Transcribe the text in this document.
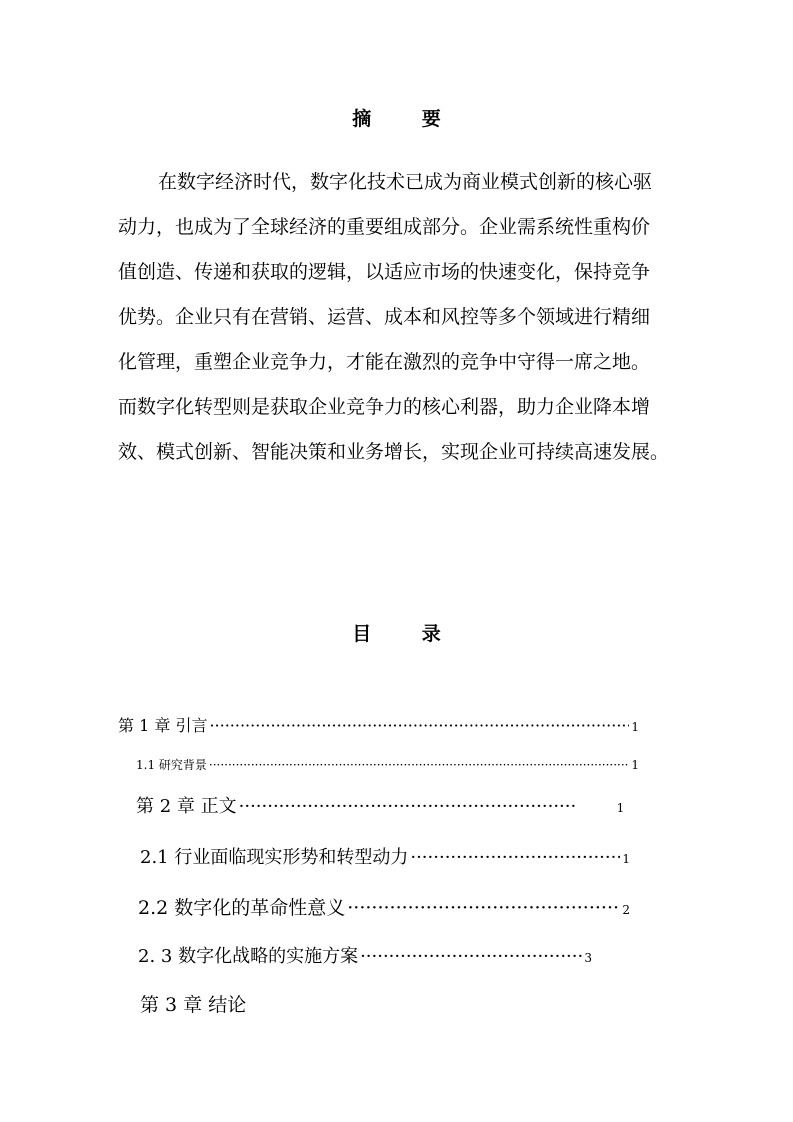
摘 要
在数字经济时代，数字化技术已成为商业模式创新的核心驱
动力，也成为了全球经济的重要组成部分。企业需系统性重构价
值创造、传递和获取的逻辑，以适应市场的快速变化，保持竞争
优势。企业只有在营销、运营、成本和风控等多个领域进行精细
化管理，重塑企业竞争力，才能在激烈的竞争中守得一席之地。
而数字化转型则是获取企业竞争力的核心利器，助力企业降本增
效、模式创新、智能决策和业务增长，实现企业可持续高速发展。
目 录
第 1 章 引言 ·····	1
1.1 研究背景 ·····	1
第 2 章 正文 ·····	1
2.1 行业面临现实形势和转型动力 ·····	1
2.2 数字化的革命性意义 ·····	2
2. 3 数字化战略的实施方案 ·····	3
第 3 章 结论
